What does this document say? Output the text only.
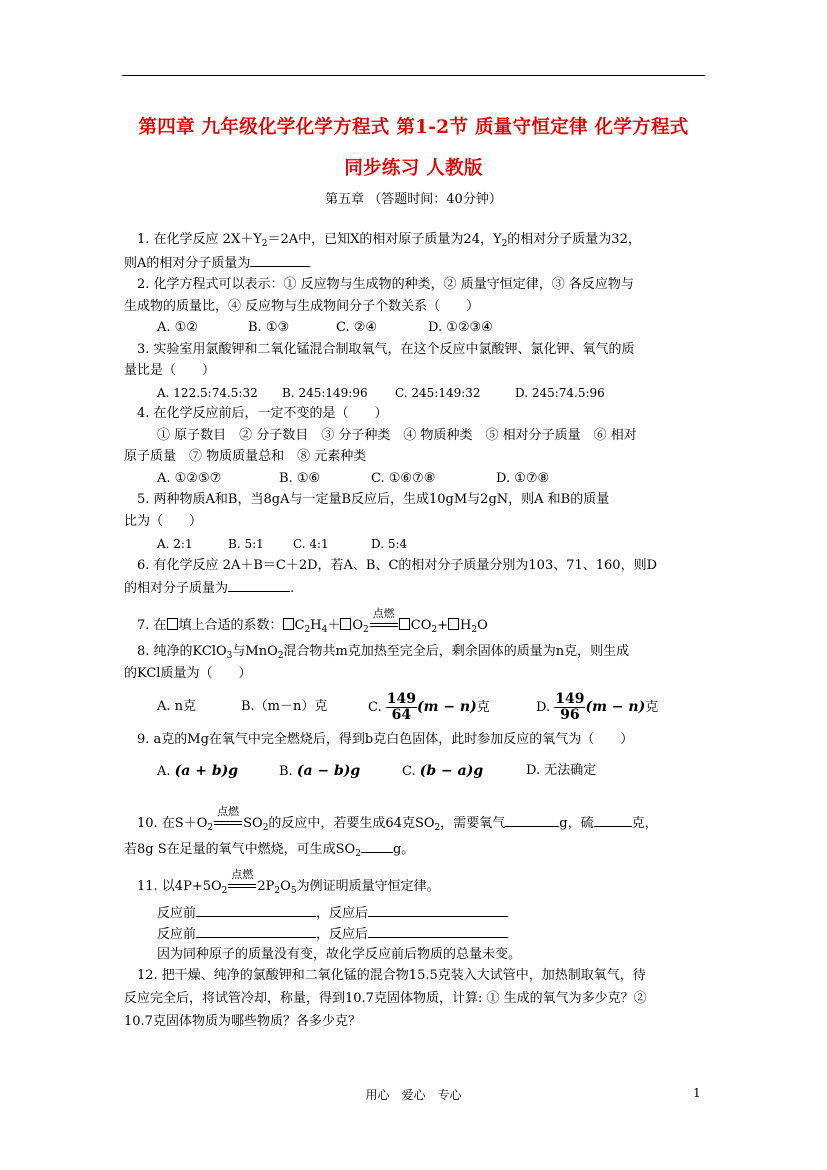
第四章 九年级化学化学方程式 第1-2节 质量守恒定律 化学方程式
同步练习 人教版
第五章 （答题时间：40分钟）
1. 在化学反应 $2X+Y_2=2A$中，已知X的相对原子质量为24，$Y_2$的相对分子质量为32，
则A的相对分子质量为
2. 化学方程式可以表示：① 反应物与生成物的种类，② 质量守恒定律，③ 各反应物与
生成物的质量比，④ 反应物与生成物间分子个数关系（　　）
A. ①②	B. ①③	C. ②④	D. ①②③④
3. 实验室用氯酸钾和二氧化锰混合制取氧气，在这个反应中氯酸钾、氯化钾、氧气的质
量比是（　　）
A. 122.5:74.5:32 B. 245:149:96 C. 245:149:32	D. 245:74.5:96
4. 在化学反应前后，一定不变的是（　　）
① 原子数目　② 分子数目　③ 分子种类　④ 物质种类　⑤ 相对分子质量　⑥ 相对
原子质量　⑦ 物质质量总和　⑧ 元素种类
A. ①②⑤⑦	B. ①⑥	C. ①⑥⑦⑧	D. ①⑦⑧
5. 两种物质A和B，当8gA与一定量B反应后，生成10gM与2gN，则A 和B的质量
比为（　　）
A. 2:1	B. 5:1 C. 4:1	D. 5:4
6. 有化学反应 2A＋B＝C＋2D，若A、B、C的相对分子质量分别为103、71、160，则D
的相对分子质量为	.
7. 在 填上合适的系数： $C_2H_4+ O_2$
点燃
$CO_2+ H_2O$
8. 纯净的KClO$_3$与MnO$_2$混合物共m克加热至完全后，剩余固体的质量为n克，则生成
的KCl质量为（　　）
A. n克	B.（m－n）克	C. $\frac{149}{64} (m - n)$克	D. $\frac{149}{96} (m - n)$克
9. a克的Mg在氧气中完全燃烧后，得到b克白色固体，此时参加反应的氧气为（　　）
A. (a + b)g	B. (a − b)g	C. (b − a)g	D. 无法确定
10. 在$S+O_2$
点燃
$SO_2$的反应中，若要生成64克$SO_2$，需要氧气	g，硫	克，
若8g S在足量的氧气中燃烧，可生成$SO_2$ g。
11. 以$4P+5O_2$
点燃
$2P_2O_5$为例证明质量守恒定律。
反应前	，反应后
反应前	，反应后
因为同种原子的质量没有变，故化学反应前后物质的总量未变。
12. 把干燥、纯净的氯酸钾和二氧化锰的混合物15.5克装入大试管中，加热制取氧气，待
反应完全后，将试管冷却，称量，得到10.7克固体物质，计算: ① 生成的氧气为多少克？②
10.7克固体物质为哪些物质？各多少克？
用心　爱心　专心	1
